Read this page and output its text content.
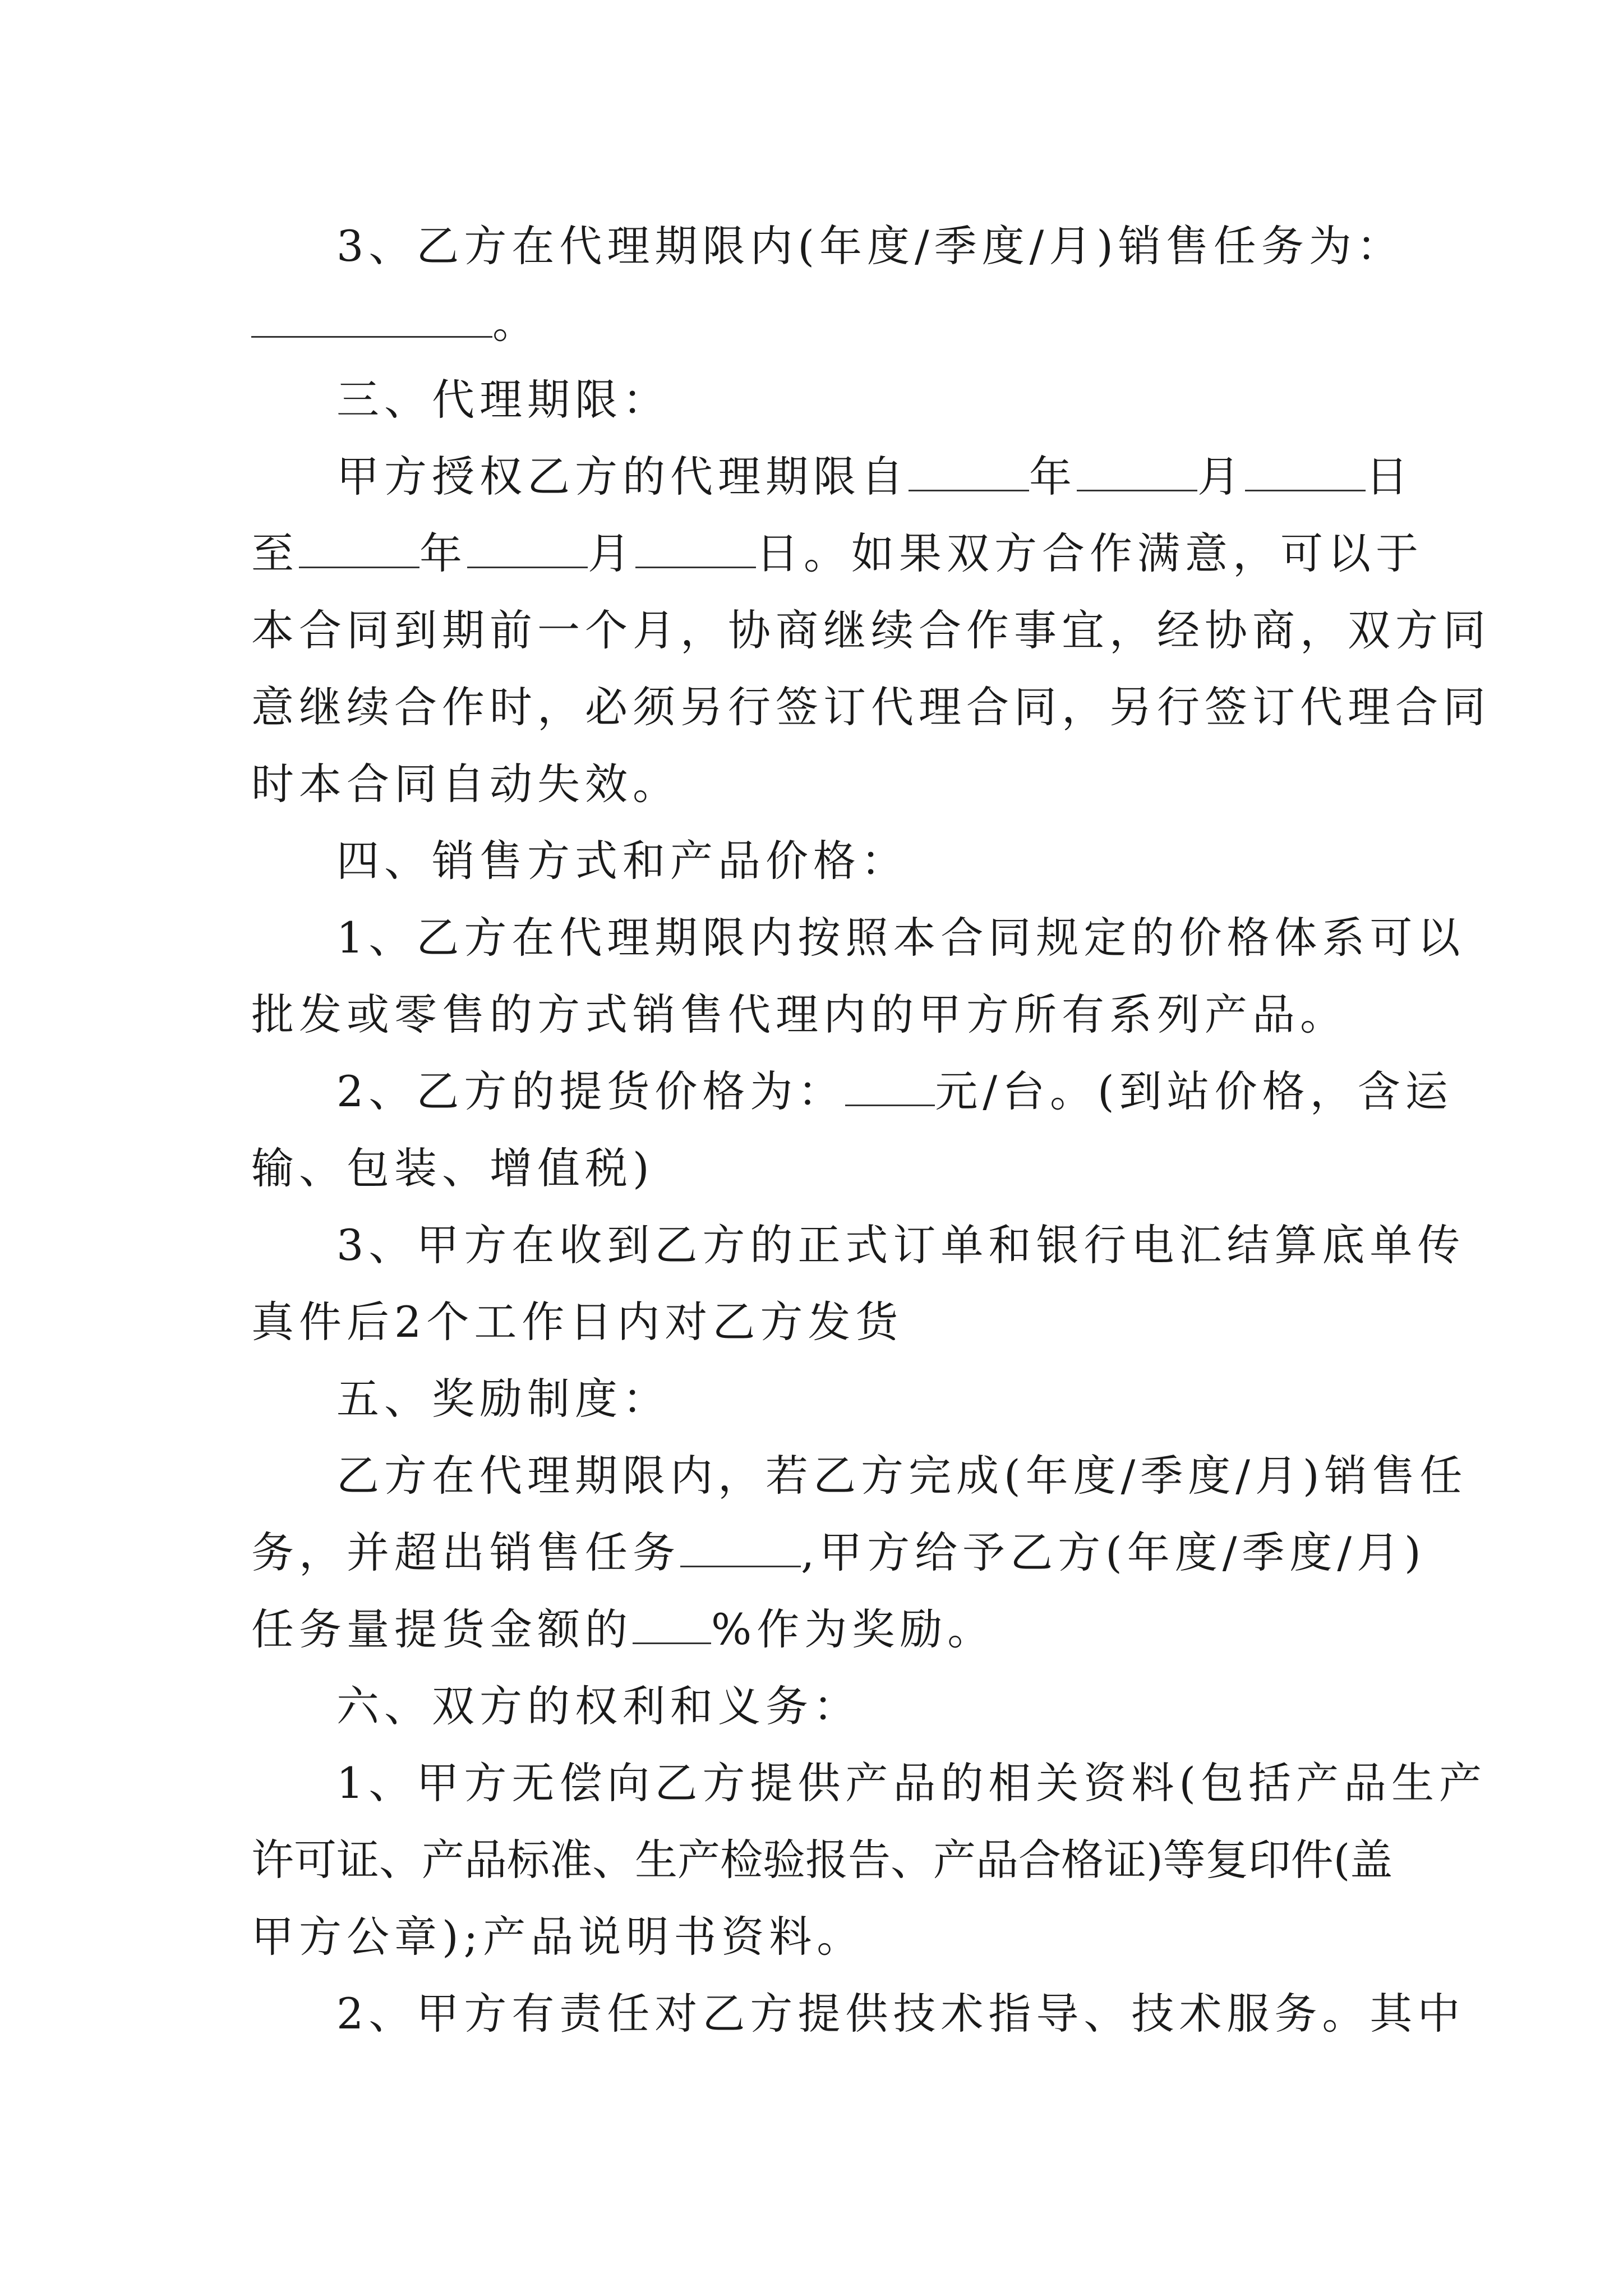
3、乙方在代理期限内(年度/季度/月)销售任务为：
。
三、代理期限：
甲方授权乙方的代理期限自	年	月	日
至	年	月	日。如果双方合作满意，可以于
本合同到期前一个月，协商继续合作事宜，经协商，双方同
意继续合作时，必须另行签订代理合同，另行签订代理合同
时本合同自动失效。
四、销售方式和产品价格：
1、乙方在代理期限内按照本合同规定的价格体系可以
批发或零售的方式销售代理内的甲方所有系列产品。
2、乙方的提货价格为： 元/台。(到站价格，含运
输、包装、增值税)
3、甲方在收到乙方的正式订单和银行电汇结算底单传
真件后2个工作日内对乙方发货
五、奖励制度：
乙方在代理期限内，若乙方完成(年度/季度/月)销售任
务，并超出销售任务	,甲方给予乙方(年度/季度/月)
任务量提货金额的 %作为奖励。
六、双方的权利和义务：
1、甲方无偿向乙方提供产品的相关资料(包括产品生产
许可证、产品标准、生产检验报告、产品合格证)等复印件(盖
甲方公章);产品说明书资料。
2、甲方有责任对乙方提供技术指导、技术服务。其中
